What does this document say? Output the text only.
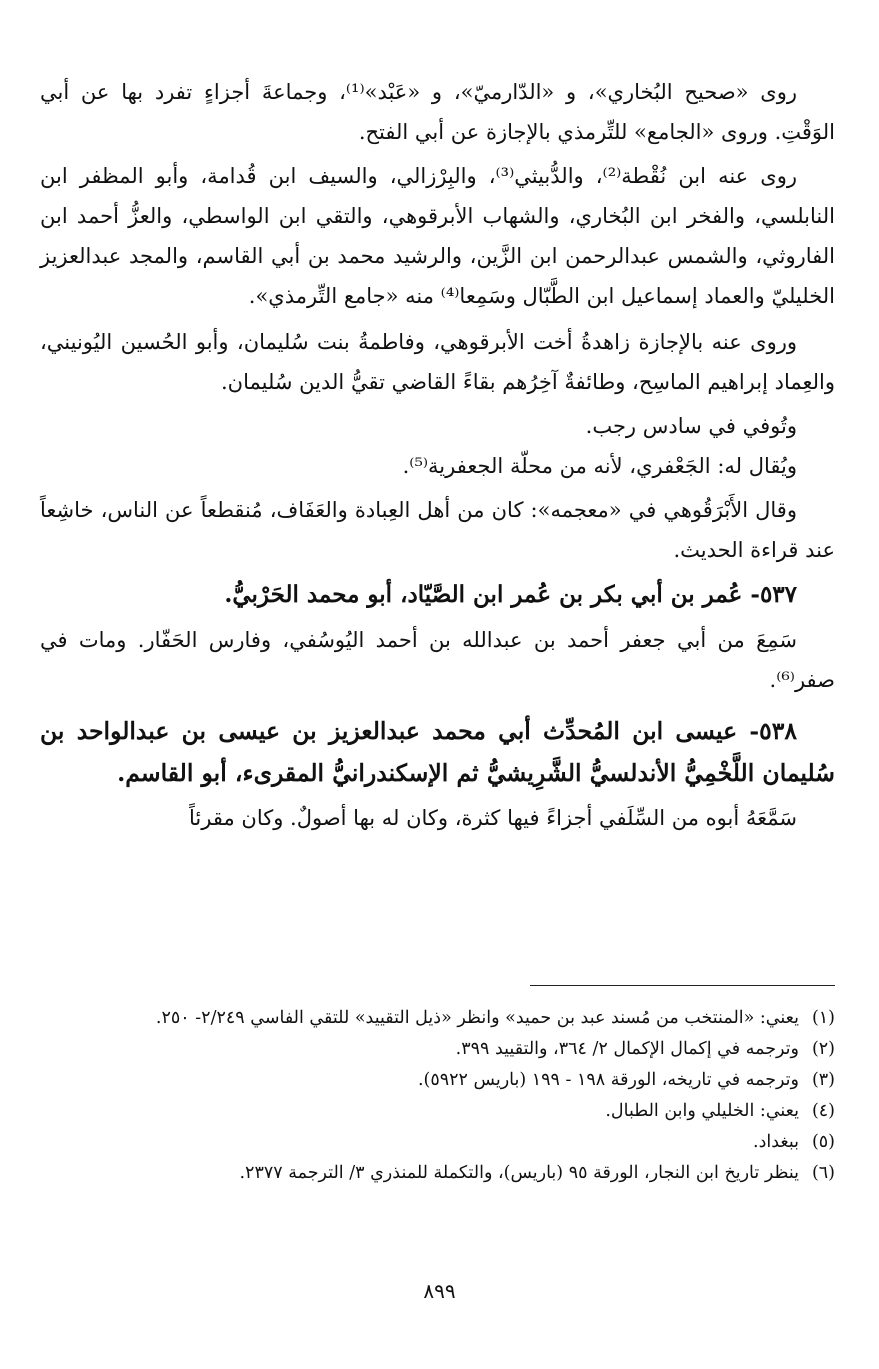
روى «صحيح البُخاري»، و «الدّارميّ»، و «عَبْد»⁽¹⁾، وجماعةَ أجزاءٍ تفرد بها عن أبي الوَقْتِ. وروى «الجامع» للتِّرمذي بالإجازة عن أبي الفتح.

روى عنه ابن نُقْطة⁽²⁾، والدُّبيثي⁽³⁾، والبِرْزالي، والسيف ابن قُدامة، وأبو المظفر ابن النابلسي، والفخر ابن البُخاري، والشهاب الأبرقوهي، والتقي ابن الواسطي، والعزُّ أحمد ابن الفاروثي، والشمس عبدالرحمن ابن الزَّين، والرشيد محمد بن أبي القاسم، والمجد عبدالعزيز الخليليّ والعماد إسماعيل ابن الطَّبّال وسَمِعا⁽⁴⁾ منه «جامع التِّرمذي».

وروى عنه بالإجازة زاهدةُ أخت الأبرقوهي، وفاطمةُ بنت سُليمان، وأبو الحُسين اليُونيني، والعِماد إبراهيم الماسِح، وطائفةٌ آخِرُهم بقاءً القاضي تقيُّ الدين سُليمان.

وتُوفي في سادس رجب.

ويُقال له: الجَعْفري، لأنه من محلّة الجعفرية⁽⁵⁾.

وقال الأَبْرَقُوهي في «معجمه»: كان من أهل العِبادة والعَفَاف، مُنقطعاً عن الناس، خاشِعاً عند قراءة الحديث.

٥٣٧- عُمر بن أبي بكر بن عُمر ابن الصَّيّاد، أبو محمد الحَرْبيُّ.

سَمِعَ من أبي جعفر أحمد بن عبدالله بن أحمد اليُوسُفي، وفارس الحَفّار. ومات في صفر⁽⁶⁾.

٥٣٨- عيسى ابن المُحدِّث أبي محمد عبدالعزيز بن عيسى بن عبدالواحد بن سُليمان اللَّخْمِيُّ الأندلسيُّ الشَّرِيشيُّ ثم الإسكندرانيُّ المقرىء، أبو القاسم.

سَمَّعَهُ أبوه من السِّلَفي أجزاءً فيها كثرة، وكان له بها أصولٌ. وكان مقرئاً

(١)
يعني: «المنتخب من مُسند عبد بن حميد» وانظر «ذيل التقييد» للتقي الفاسي ٢/٢٤٩- ٢٥٠.
(٢)
وترجمه في إكمال الإكمال ٢/ ٣٦٤، والتقييد ٣٩٩.
(٣)
وترجمه في تاريخه، الورقة ١٩٨ - ١٩٩ (باريس ٥٩٢٢).
(٤)
يعني: الخليلي وابن الطبال.
(٥)
ببغداد.
(٦)
ينظر تاريخ ابن النجار، الورقة ٩٥ (باريس)، والتكملة للمنذري ٣/ الترجمة ٢٣٧٧.
٨٩٩
